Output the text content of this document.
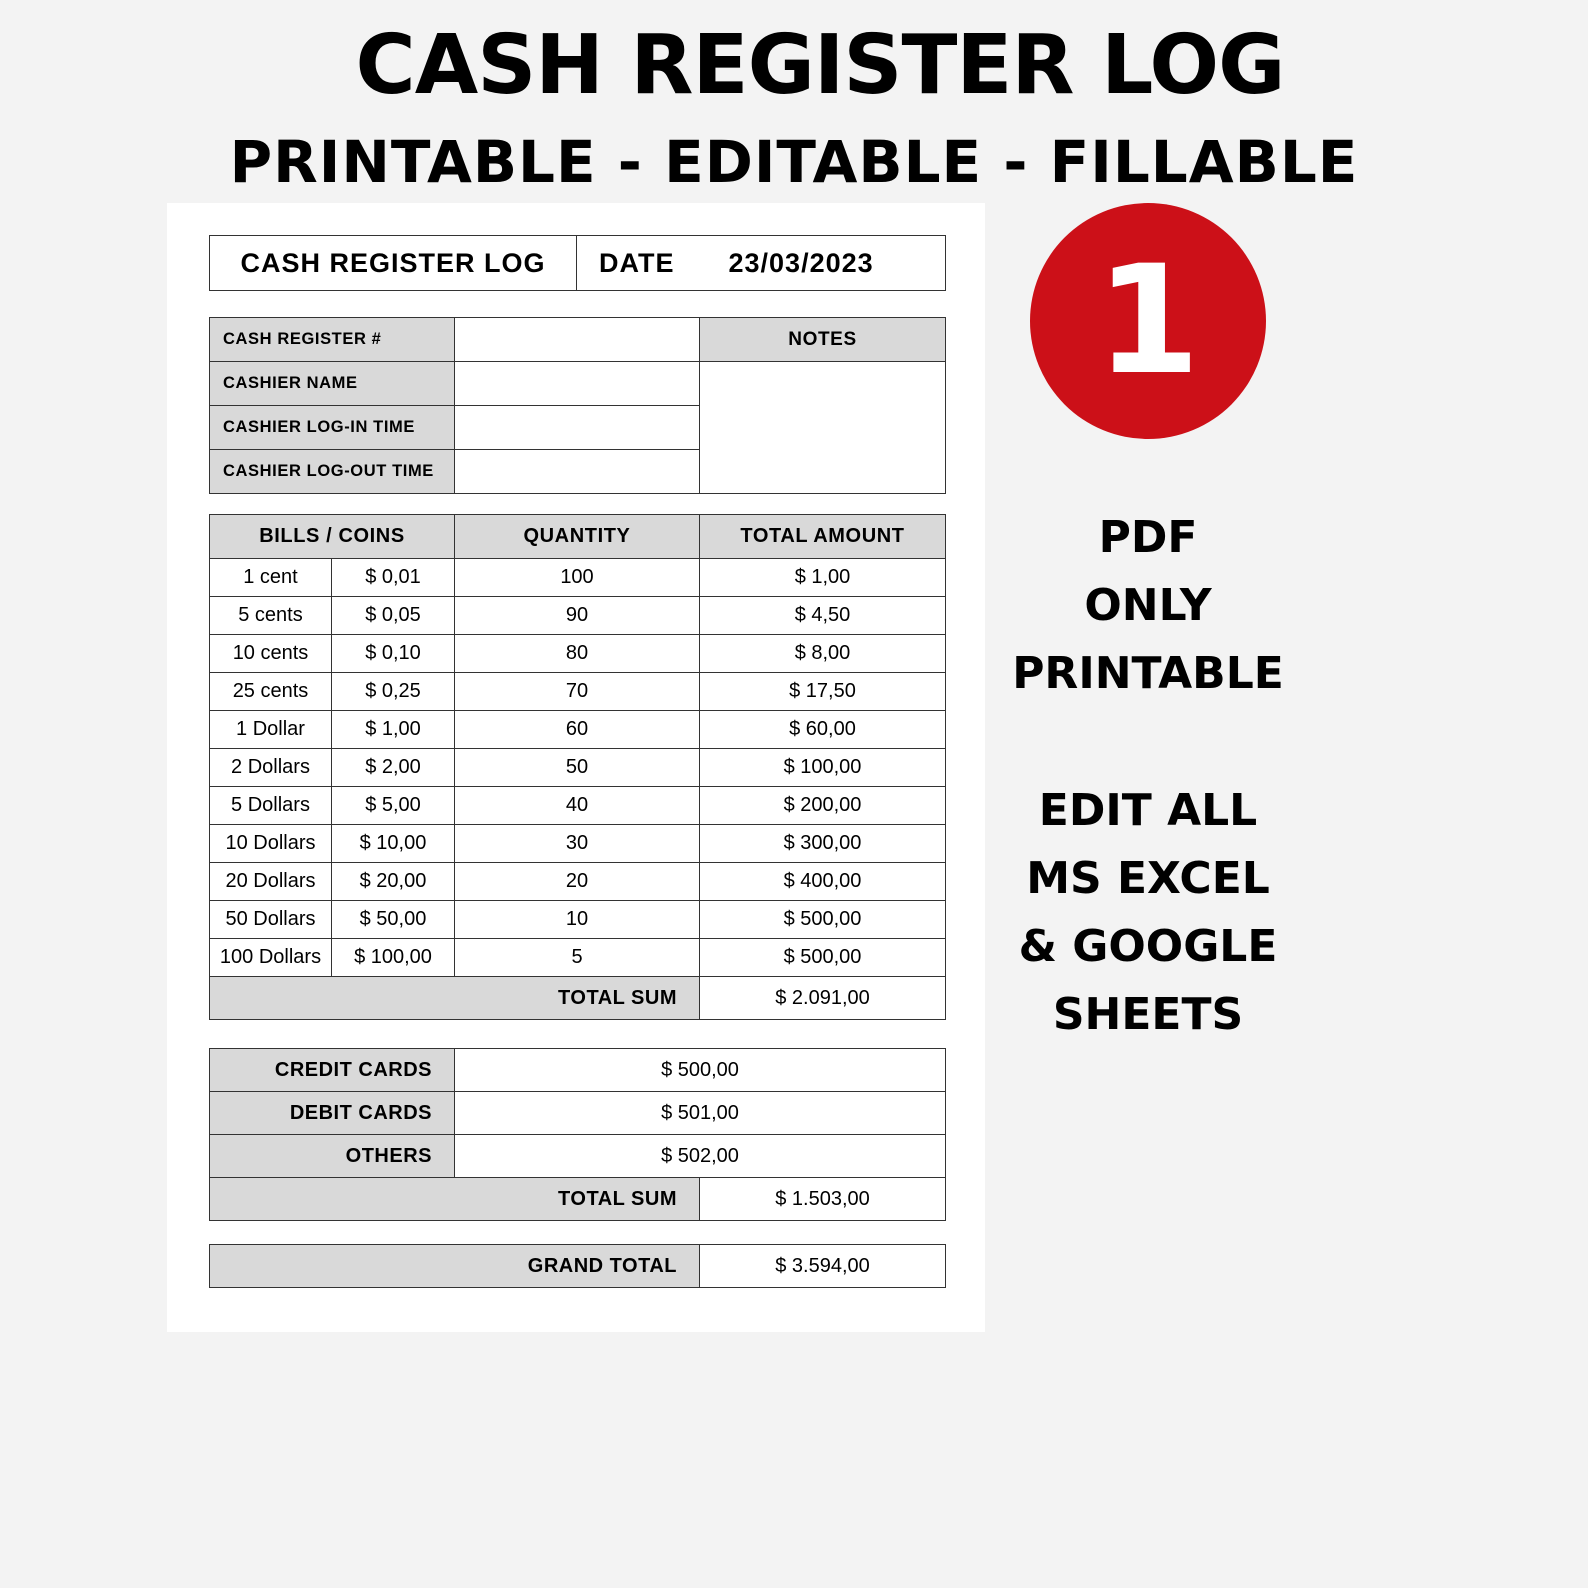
CASH REGISTER LOG
PRINTABLE - EDITABLE - FILLABLE
CASH REGISTER LOG	DATE	23/03/2023
CASH REGISTER #		NOTES
CASHIER NAME		
CASHIER LOG-IN TIME		
CASHIER LOG-OUT TIME		
BILLS / COINS		QUANTITY	TOTAL AMOUNT
1 cent	$ 0,01	100	$ 1,00
5 cents	$ 0,05	90	$ 4,50
10 cents	$ 0,10	80	$ 8,00
25 cents	$ 0,25	70	$ 17,50
1 Dollar	$ 1,00	60	$ 60,00
2 Dollars	$ 2,00	50	$ 100,00
5 Dollars	$ 5,00	40	$ 200,00
10 Dollars	$ 10,00	30	$ 300,00
20 Dollars	$ 20,00	20	$ 400,00
50 Dollars	$ 50,00	10	$ 500,00
100 Dollars	$ 100,00	5	$ 500,00
TOTAL SUM			$ 2.091,00
CREDIT CARDS	$ 500,00	
DEBIT CARDS	$ 501,00	
OTHERS	$ 502,00	
TOTAL SUM		$ 1.503,00
GRAND TOTAL	$ 3.594,00
1

PDF

ONLY

PRINTABLE

EDIT ALL

MS EXCEL

& GOOGLE

SHEETS
